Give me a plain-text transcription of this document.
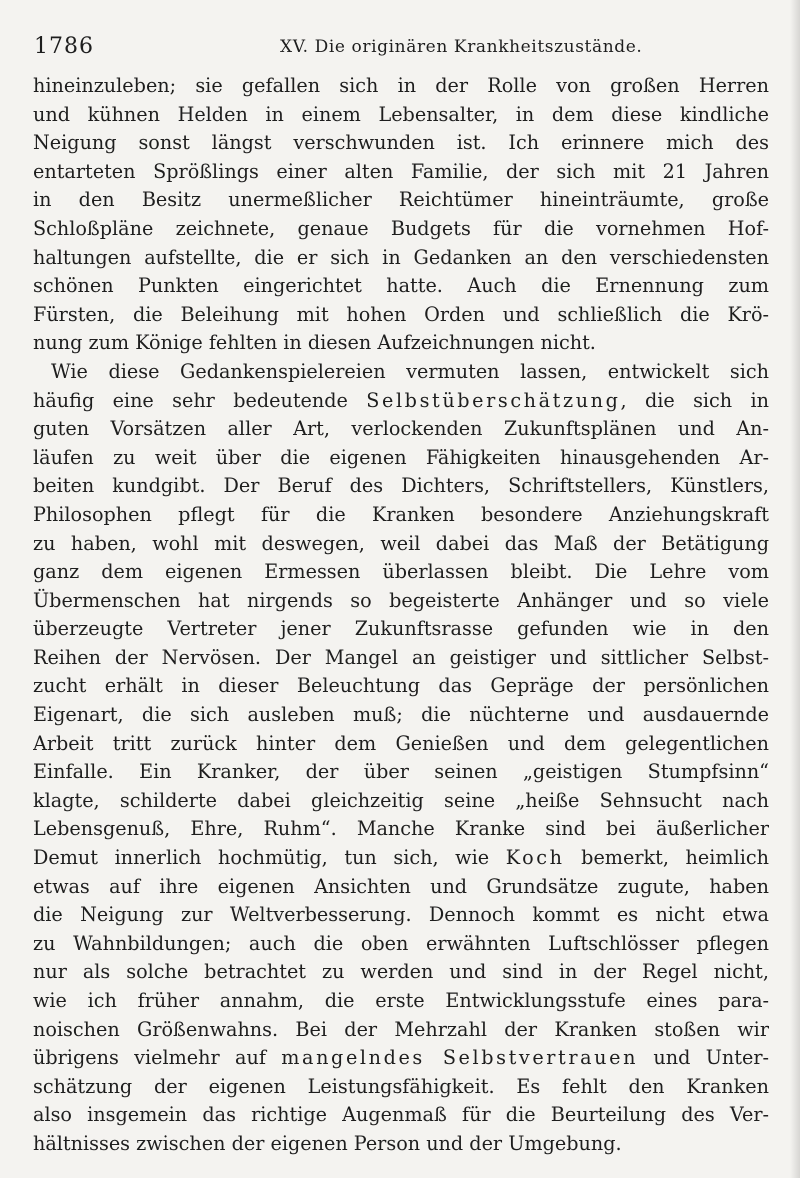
1786	XV. Die originären Krankheitszustände.
hineinzuleben; sie gefallen sich in der Rolle von großen Herren
und kühnen Helden in einem Lebensalter, in dem diese kindliche
Neigung sonst längst verschwunden ist. Ich erinnere mich des
entarteten Sprößlings einer alten Familie, der sich mit 21 Jahren
in den Besitz unermeßlicher Reichtümer hineinträumte, große
Schloßpläne zeichnete, genaue Budgets für die vornehmen Hof-
haltungen aufstellte, die er sich in Gedanken an den verschiedensten
schönen Punkten eingerichtet hatte. Auch die Ernennung zum
Fürsten, die Beleihung mit hohen Orden und schließlich die Krö-
nung zum Könige fehlten in diesen Aufzeichnungen nicht.
Wie diese Gedankenspielereien vermuten lassen, entwickelt sich
häufig eine sehr bedeutende Selbstüberschätzung, die sich in
guten Vorsätzen aller Art, verlockenden Zukunftsplänen und An-
läufen zu weit über die eigenen Fähigkeiten hinausgehenden Ar-
beiten kundgibt. Der Beruf des Dichters, Schriftstellers, Künstlers,
Philosophen pflegt für die Kranken besondere Anziehungskraft
zu haben, wohl mit deswegen, weil dabei das Maß der Betätigung
ganz dem eigenen Ermessen überlassen bleibt. Die Lehre vom
Übermenschen hat nirgends so begeisterte Anhänger und so viele
überzeugte Vertreter jener Zukunftsrasse gefunden wie in den
Reihen der Nervösen. Der Mangel an geistiger und sittlicher Selbst-
zucht erhält in dieser Beleuchtung das Gepräge der persönlichen
Eigenart, die sich ausleben muß; die nüchterne und ausdauernde
Arbeit tritt zurück hinter dem Genießen und dem gelegentlichen
Einfalle. Ein Kranker, der über seinen „geistigen Stumpfsinn“
klagte, schilderte dabei gleichzeitig seine „heiße Sehnsucht nach
Lebensgenuß, Ehre, Ruhm“. Manche Kranke sind bei äußerlicher
Demut innerlich hochmütig, tun sich, wie Koch bemerkt, heimlich
etwas auf ihre eigenen Ansichten und Grundsätze zugute, haben
die Neigung zur Weltverbesserung. Dennoch kommt es nicht etwa
zu Wahnbildungen; auch die oben erwähnten Luftschlösser pflegen
nur als solche betrachtet zu werden und sind in der Regel nicht,
wie ich früher annahm, die erste Entwicklungsstufe eines para-
noischen Größenwahns. Bei der Mehrzahl der Kranken stoßen wir
übrigens vielmehr auf mangelndes Selbstvertrauen und Unter-
schätzung der eigenen Leistungsfähigkeit. Es fehlt den Kranken
also insgemein das richtige Augenmaß für die Beurteilung des Ver-
hältnisses zwischen der eigenen Person und der Umgebung.
